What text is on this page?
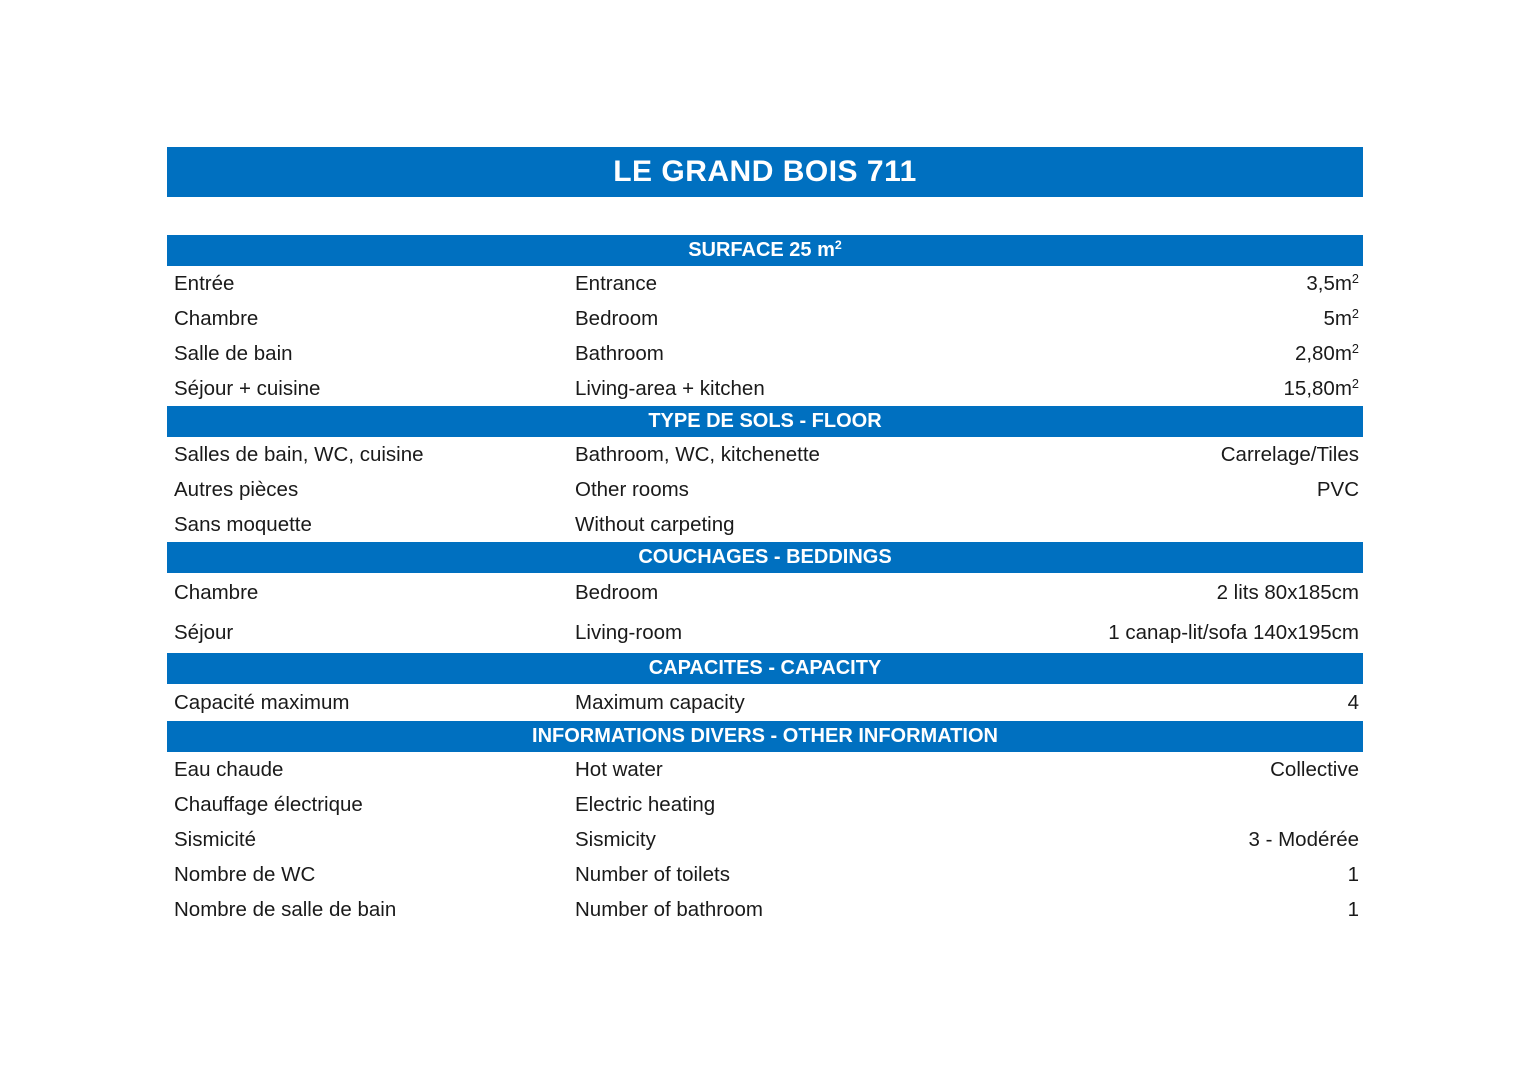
LE GRAND BOIS 711
SURFACE 25 $m^2$
Entrée	Entrance	$3,5m^2$
Chambre	Bedroom	$5m^2$
Salle de bain	Bathroom	$2,80m^2$
Séjour + cuisine	Living-area + kitchen	$15,80m^2$
TYPE DE SOLS - FLOOR
Salles de bain, WC, cuisine	Bathroom, WC, kitchenette	Carrelage/Tiles
Autres pièces	Other rooms	PVC
Sans moquette	Without carpeting
COUCHAGES - BEDDINGS
Chambre	Bedroom	2 lits 80x185cm
Séjour	Living-room	1 canap-lit/sofa 140x195cm
CAPACITES - CAPACITY
Capacité maximum	Maximum capacity	4
INFORMATIONS DIVERS - OTHER INFORMATION
Eau chaude	Hot water	Collective
Chauffage électrique	Electric heating
Sismicité	Sismicity	3 - Modérée
Nombre de WC	Number of toilets	1
Nombre de salle de bain	Number of bathroom	1
